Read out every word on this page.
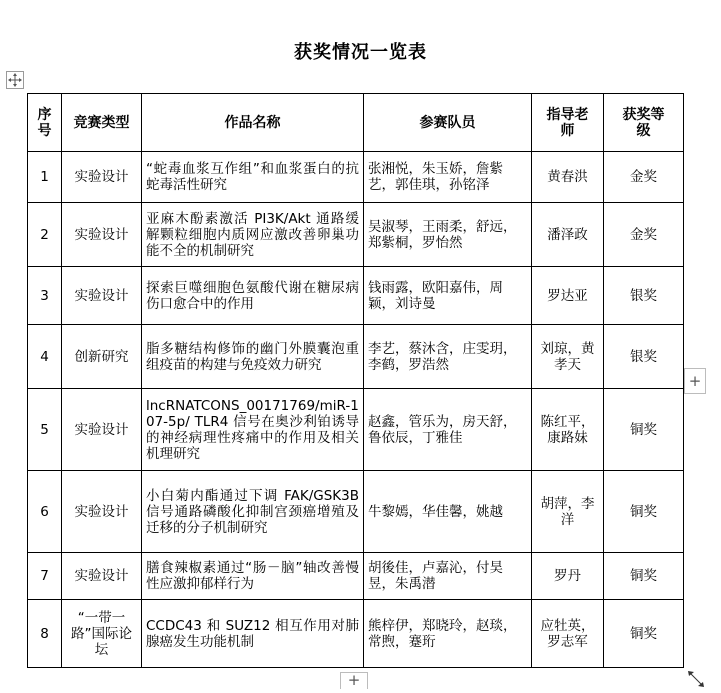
获奖情况一览表
序号	竞赛类型	作品名称	参赛队员	指导老师	获奖等级
1	实验设计	“蛇毒血浆互作组”和血浆蛋白的抗蛇毒活性研究	张湘悦，朱玉娇，詹紫艺，郭佳琪，孙铭泽	黄春洪	金奖
2	实验设计	亚麻木酚素激活 PI3K/Akt 通路缓解颗粒细胞内质网应激改善卵巢功能不全的机制研究	吴淑琴，王雨柔，舒远，郑紫桐，罗怡然	潘泽政	金奖
3	实验设计	探索巨噬细胞色氨酸代谢在糖尿病伤口愈合中的作用	钱雨露，欧阳嘉伟，周颖，刘诗曼	罗达亚	银奖
4	创新研究	脂多糖结构修饰的幽门外膜囊泡重组疫苗的构建与免疫效力研究	李艺，蔡沐含，庄雯玥，李鹤，罗浩然	刘琼，黄孝天	银奖
5	实验设计	lncRNATCONS_00171769/miR-107-5p/ TLR4 信号在奥沙利铂诱导的神经病理性疼痛中的作用及相关机理研究	赵鑫，管乐为，房天舒，鲁依辰，丁雅佳	陈红平，康路妹	铜奖
6	实验设计	小白菊内酯通过下调 FAK/GSK3B 信号通路磷酸化抑制宫颈癌增殖及迁移的分子机制研究	牛黎嫣，华佳馨，姚越	胡萍，李洋	铜奖
7	实验设计	膳食辣椒素通过“肠－脑”轴改善慢性应激抑郁样行为	胡後佳，卢嘉沁，付昊昱，朱禹潜	罗丹	铜奖
8	“一带一路”国际论坛	CCDC43 和 SUZ12 相互作用对肺腺癌发生功能机制	熊梓伊，郑晓玲，赵琰，常煦，蹇珩	应牡英，罗志军	铜奖
+
+
